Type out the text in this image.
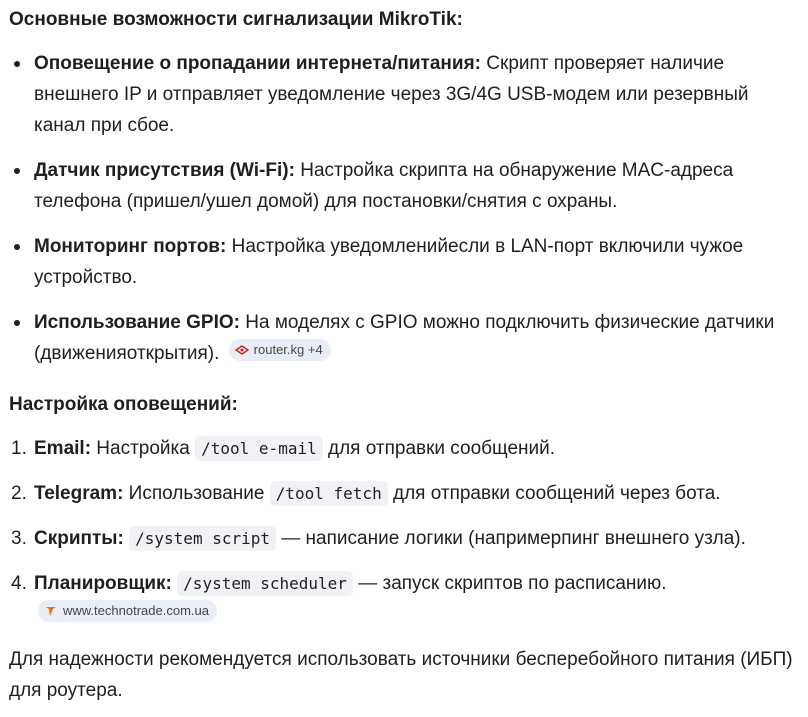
Основные возможности сигнализации MikroTik:
Оповещение о пропадании интернета/питания: Скрипт проверяет наличие внешнего IP и отправляет уведомление через 3G/4G USB-модем или резервный канал при сбое.
Датчик присутствия (Wi-Fi): Настройка скрипта на обнаружение MAC-адреса телефона (пришел/ушел домой) для постановки/снятия с охраны.
Мониторинг портов: Настройка уведомленийесли в LAN-порт включили чужое устройство.
Использование GPIO: На моделях с GPIO можно подключить физические датчики (движенияоткрытия).	router.kg +4
Настройка оповещений:
1. Email: Настройка /tool e-mail для отправки сообщений.
2. Telegram: Использование /tool fetch для отправки сообщений через бота.
3. Скрипты: /system script — написание логики (напримерпинг внешнего узла).
4. Планировщик: /system scheduler — запуск скриптов по расписанию.
www.technotrade.com.ua
Для надежности рекомендуется использовать источники бесперебойного питания (ИБП) для роутера.
